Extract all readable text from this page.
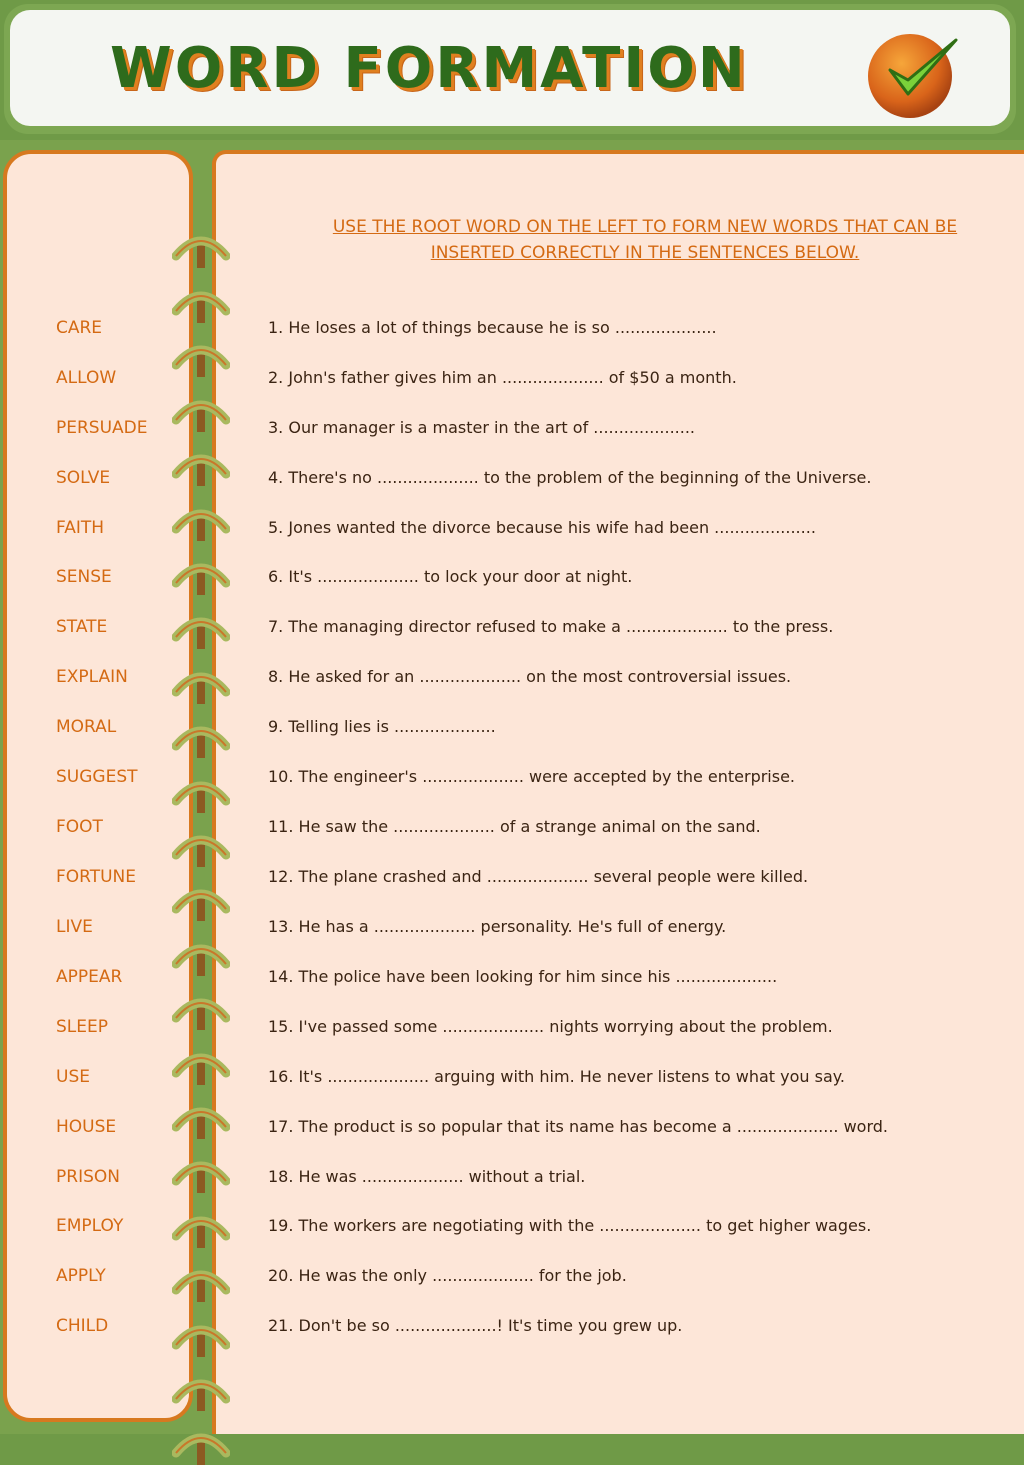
WORD FORMATION

USE THE ROOT WORD ON THE LEFT TO FORM NEW WORDS THAT CAN BE INSERTED CORRECTLY IN THE SENTENCES BELOW.

CARE

ALLOW

PERSUADE

SOLVE

FAITH

SENSE

STATE

EXPLAIN

MORAL

SUGGEST

FOOT

FORTUNE

LIVE

APPEAR

SLEEP

USE

HOUSE

PRISON

EMPLOY

APPLY

CHILD

1. He loses a lot of things because he is so ....................

2. John's father gives him an .................... of $50 a month.

3. Our manager is a master in the art of ....................

4. There's no .................... to the problem of the beginning of the Universe.

5. Jones wanted the divorce because his wife had been ....................

6. It's .................... to lock your door at night.

7. The managing director refused to make a .................... to the press.

8. He asked for an .................... on the most controversial issues.

9. Telling lies is ....................

10. The engineer's .................... were accepted by the enterprise.

11. He saw the .................... of a strange animal on the sand.

12. The plane crashed and .................... several people were killed.

13. He has a .................... personality. He's full of energy.

14. The police have been looking for him since his ....................

15. I've passed some .................... nights worrying about the problem.

16. It's .................... arguing with him. He never listens to what you say.

17. The product is so popular that its name has become a .................... word.

18. He was .................... without a trial.

19. The workers are negotiating with the .................... to get higher wages.

20. He was the only .................... for the job.

21. Don't be so ....................! It's time you grew up.
